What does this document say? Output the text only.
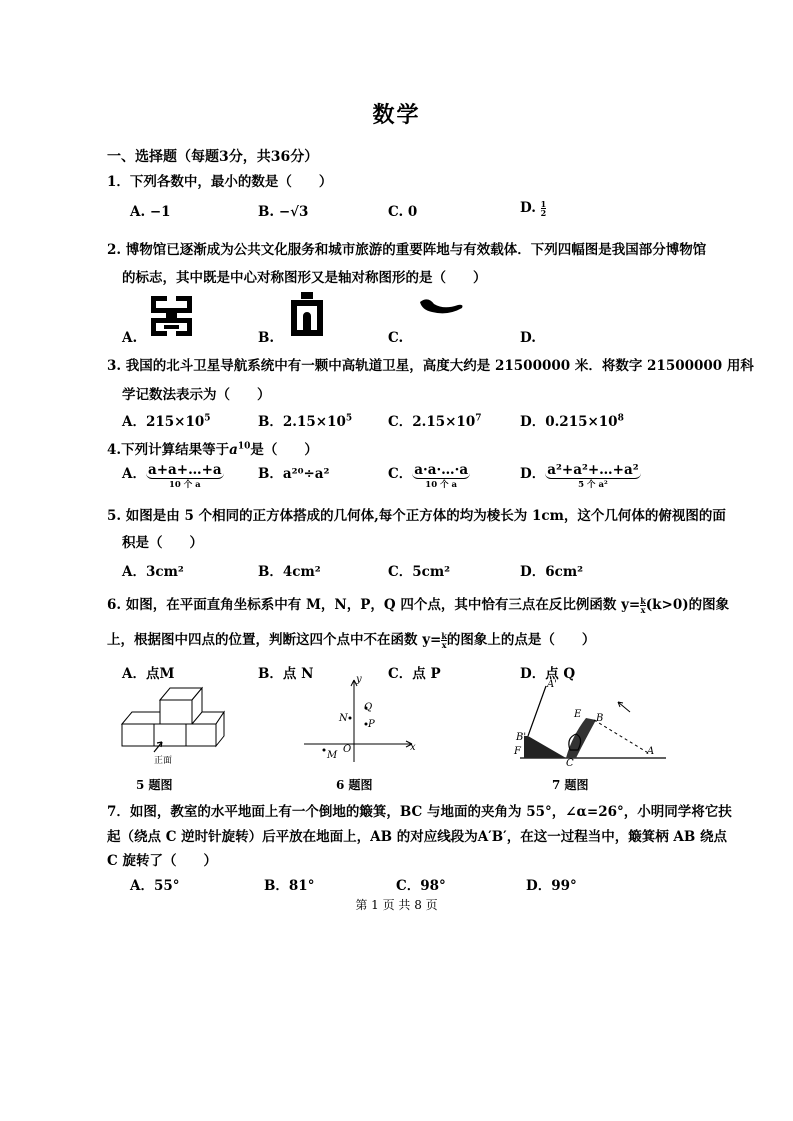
数学
一、选择题（每题3分，共36分）
1．下列各数中，最小的数是（　　）
A. −1	B. −√3	C. 0	D. $\frac{1}{2}$
2. 博物馆已逐渐成为公共文化服务和城市旅游的重要阵地与有效载体．下列四幅图是我国部分博物馆
的标志，其中既是中心对称图形又是轴对称图形的是（　　）
A.	B.	C.	D.
3. 我国的北斗卫星导航系统中有一颗中高轨道卫星，高度大约是 21500000 米．将数字 21500000 用科
学记数法表示为（　　）
A．$215\times 10^5$	B．$2.15\times 10^5$	C．$2.15\times 10^7$	D．$0.215\times 10^8$
4.下列计算结果等于$a^{10}$是（　　）
A． a+a+…+a
10 个 a
B．a²⁰÷a²	C． a·a·…·a
10 个 a
D． a²+a²+…+a²
5 个 a²
5. 如图是由 5 个相同的正方体搭成的几何体,每个正方体的均为棱长为 1cm，这个几何体的俯视图的面
积是（　　）
A．3cm²	B．4cm²	C．5cm²	D．6cm²
6. 如图，在平面直角坐标系中有 M，N，P，Q 四个点，其中恰有三点在反比例函数 $y= \frac{k}{x} (k>0)$的图象
上，根据图中四点的位置，判断这四个点中不在函数 $y= \frac{k}{x}$ 的图象上的点是（　　）
A．点M	B．点 N	C．点 P	D．点 Q
正面
5 题图
y
x
O
Q
P
N
M
6 题图
A'
E B
B'
F
C
A
7 题图
7．如图，教室的水平地面上有一个倒地的簸箕，BC 与地面的夹角为 55°，∠α=26°，小明同学将它扶
起（绕点 C 逆时针旋转）后平放在地面上，AB 的对应线段为A′B′，在这一过程当中，簸箕柄 AB 绕点
C 旋转了（　　）
A．55°	B．81°	C．98°	D．99°
第 1 页 共 8 页
